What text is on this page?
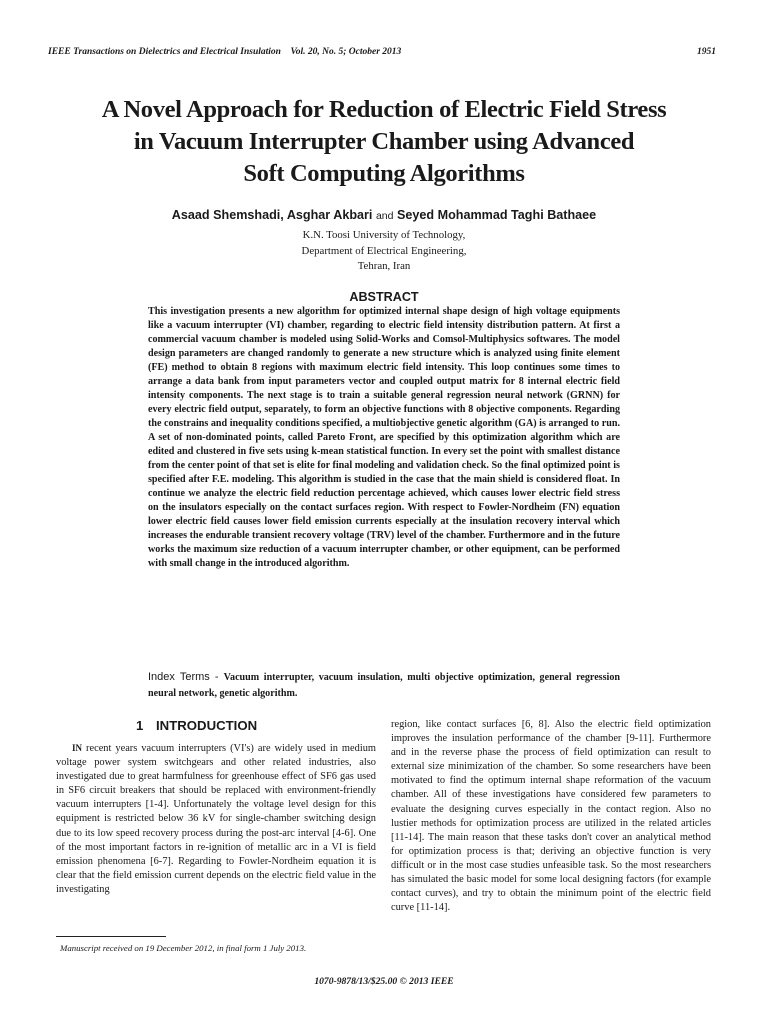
IEEE Transactions on Dielectrics and Electrical Insulation Vol. 20, No. 5; October 2013	1951
A Novel Approach for Reduction of Electric Field Stress
in Vacuum Interrupter Chamber using Advanced
Soft Computing Algorithms
Asaad Shemshadi, Asghar Akbari and Seyed Mohammad Taghi Bathaee
K.N. Toosi University of Technology,
Department of Electrical Engineering,
Tehran, Iran
ABSTRACT
This investigation presents a new algorithm for optimized internal shape design of high voltage equipments like a vacuum interrupter (VI) chamber, regarding to electric field intensity distribution pattern. At first a commercial vacuum chamber is modeled using Solid-Works and Comsol-Multiphysics softwares. The model design parameters are changed randomly to generate a new structure which is analyzed using finite element (FE) method to obtain 8 regions with maximum electric field intensity. This loop continues some times to arrange a data bank from input parameters vector and coupled output matrix for 8 internal electric field intensity components. The next stage is to train a suitable general regression neural network (GRNN) for every electric field output, separately, to form an objective functions with 8 objective components. Regarding the constrains and inequality conditions specified, a multiobjective genetic algorithm (GA) is arranged to run. A set of non-dominated points, called Pareto Front, are specified by this optimization algorithm which are edited and clustered in five sets using k-mean statistical function. In every set the point with smallest distance from the center point of that set is elite for final modeling and validation check. So the final optimized point is specified after F.E. modeling. This algorithm is studied in the case that the main shield is considered float. In continue we analyze the electric field reduction percentage achieved, which causes lower electric field stress on the insulators especially on the contact surfaces region. With respect to Fowler-Nordheim (FN) equation lower electric field causes lower field emission currents especially at the insulation recovery interval which increases the endurable transient recovery voltage (TRV) level of the chamber. Furthermore and in the future works the maximum size reduction of a vacuum interrupter chamber, or other equipment, can be performed with small change in the introduced algorithm.
Index Terms - Vacuum interrupter, vacuum insulation, multi objective optimization, general regression neural network, genetic algorithm.
1 INTRODUCTION

IN recent years vacuum interrupters (VI's) are widely used in medium voltage power system switchgears and other related industries, also investigated due to great harmfulness for greenhouse effect of SF6 gas used in SF6 circuit breakers that should be replaced with environment-friendly vacuum interrupters [1-4]. Unfortunately the voltage level design for this equipment is restricted below 36 kV for single-chamber switching design due to its low speed recovery process during the post-arc interval [4-6]. One of the most important factors in re-ignition of metallic arc in a VI is field emission phenomena [6-7]. Regarding to Fowler-Nordheim equation it is clear that the field emission current depends on the electric field value in the investigating

region, like contact surfaces [6, 8]. Also the electric field optimization improves the insulation performance of the chamber [9-11]. Furthermore and in the reverse phase the process of field optimization can result to external size minimization of the chamber. So some researchers have been motivated to find the optimum internal shape reformation of the vacuum chamber. All of these investigations have considered few parameters to evaluate the designing curves especially in the contact region. Also no lustier methods for optimization process are utilized in the related articles [11-14]. The main reason that these tasks don't cover an analytical method for optimization process is that; deriving an objective function is very difficult or in the most case studies unfeasible task. So the most researchers has simulated the basic model for some local designing factors (for example contact curves), and try to obtain the minimum point of the electric field curve [11-14].

Manuscript received on 19 December 2012, in final form 1 July 2013.
1070-9878/13/$25.00 © 2013 IEEE
